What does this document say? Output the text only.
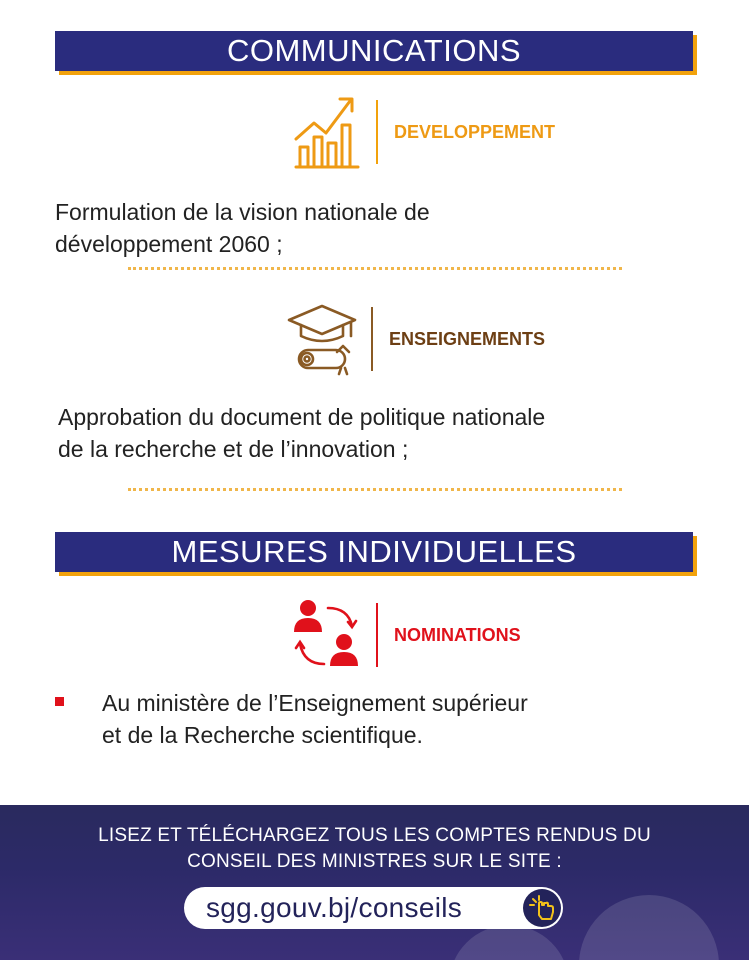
COMMUNICATIONS
DEVELOPPEMENT
Formulation de la vision nationale de
développement 2060 ;
ENSEIGNEMENTS
Approbation du document de politique nationale
de la recherche et de l’innovation ;
MESURES INDIVIDUELLES
NOMINATIONS
Au ministère de l’Enseignement supérieur
et de la Recherche scientifique.
LISEZ ET TÉLÉCHARGEZ TOUS LES COMPTES RENDUS DU
CONSEIL DES MINISTRES SUR LE SITE :
sgg.gouv.bj/conseils
